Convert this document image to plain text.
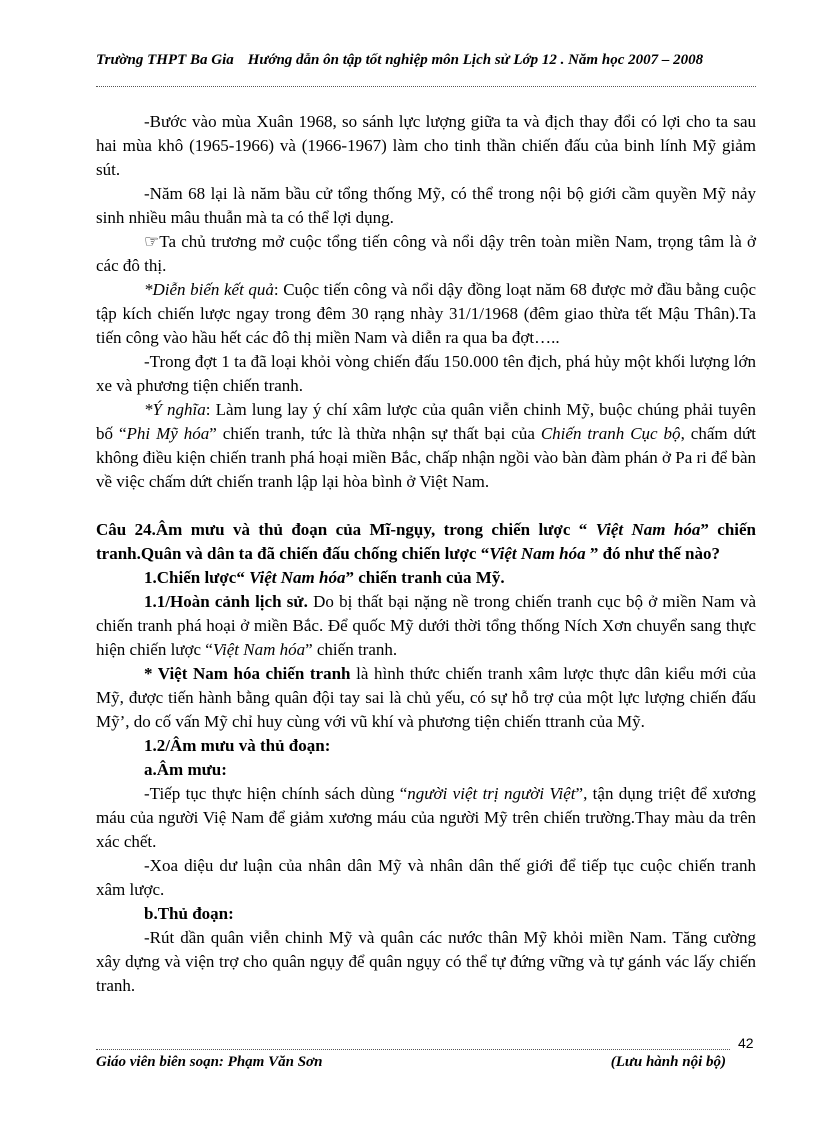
Trường THPT Ba Gia Hướng dẫn ôn tập tốt nghiệp môn Lịch sử Lớp 12 . Năm học 2007 – 2008

-Bước vào mùa Xuân 1968, so sánh lực lượng giữa ta và địch thay đổi có lợi cho ta sau hai mùa khô (1965-1966) và (1966-1967) làm cho tinh thần chiến đấu của binh lính Mỹ giảm sút.

-Năm 68 lại là năm bầu cử tổng thống Mỹ, có thể trong nội bộ giới cầm quyền Mỹ nảy sinh nhiều mâu thuẫn mà ta có thể lợi dụng.

☞Ta chủ trương mở cuộc tổng tiến công và nổi dậy trên toàn miền Nam, trọng tâm là ở các đô thị.

*Diễn biến kết quả: Cuộc tiến công và nổi dậy đồng loạt năm 68 được mở đầu bằng cuộc tập kích chiến lược ngay trong đêm 30 rạng nhày 31/1/1968 (đêm giao thừa tết Mậu Thân).Ta tiến công vào hầu hết các đô thị miền Nam và diễn ra qua ba đợt…..

-Trong đợt 1 ta đã loại khỏi vòng chiến đấu 150.000 tên địch, phá hủy một khối lượng lớn xe và phương tiện chiến tranh.

*Ý nghĩa: Làm lung lay ý chí xâm lược của quân viễn chinh Mỹ, buộc chúng phải tuyên bố “Phi Mỹ hóa” chiến tranh, tức là thừa nhận sự thất bại của Chiến tranh Cục bộ, chấm dứt không điều kiện chiến tranh phá hoại miền Bắc, chấp nhận ngồi vào bàn đàm phán ở Pa ri để bàn về việc chấm dứt chiến tranh lập lại hòa bình ở Việt Nam.

Câu 24.Âm mưu và thủ đoạn của Mĩ-ngụy, trong chiến lược “ Việt Nam hóa” chiến tranh.Quân và dân ta đã chiến đấu chống chiến lược “Việt Nam hóa ” đó như thế nào?

1.Chiến lược“ Việt Nam hóa” chiến tranh của Mỹ.

1.1/Hoàn cảnh lịch sử. Do bị thất bại nặng nề trong chiến tranh cục bộ ở miền Nam và chiến tranh phá hoại ở miền Bắc. Để quốc Mỹ dưới thời tổng thống Ních Xơn chuyển sang thực hiện chiến lược “Việt Nam hóa” chiến tranh.

* Việt Nam hóa chiến tranh là hình thức chiến tranh xâm lược thực dân kiểu mới của Mỹ, được tiến hành bằng quân đội tay sai là chủ yếu, có sự hỗ trợ của một lực lượng chiến đấu Mỹ’, do cố vấn Mỹ chỉ huy cùng với vũ khí và phương tiện chiến ttranh của Mỹ.

1.2/Âm mưu và thủ đoạn:

a.Âm mưu:

-Tiếp tục thực hiện chính sách dùng “người việt trị người Việt”, tận dụng triệt để xương máu của người Việ Nam để giảm xương máu của người Mỹ trên chiến trường.Thay màu da trên xác chết.

-Xoa diệu dư luận của nhân dân Mỹ và nhân dân thế giới để tiếp tục cuộc chiến tranh xâm lược.

b.Thủ đoạn:

-Rút dần quân viễn chinh Mỹ và quân các nước thân Mỹ khỏi miền Nam. Tăng cường xây dựng và viện trợ cho quân ngụy để quân ngụy có thể tự đứng vững và tự gánh vác lấy chiến tranh.

42
Giáo viên biên soạn: Phạm Văn Sơn	(Lưu hành nội bộ)
